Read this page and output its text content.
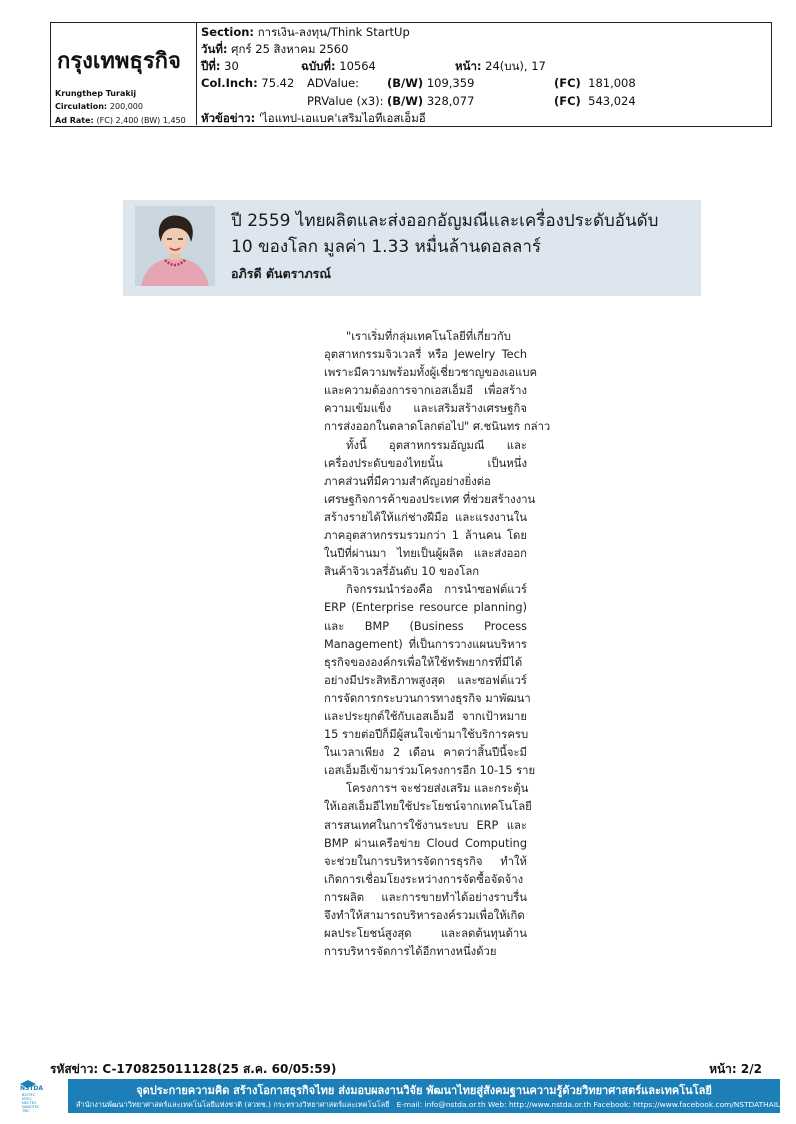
กรุงเทพธุรกิจ
Krungthep Turakij
Circulation: 200,000
Ad Rate: (FC) 2,400 (BW) 1,450
Section: การเงิน-ลงทุน/Think StartUp
วันที่: ศุกร์ 25 สิงหาคม 2560
ปีที่: 30	ฉบับที่: 10564	หน้า: 24(บน), 17
Col.Inch: 75.42 ADValue: (B/W) 109,359	(FC) 181,008
PRValue (x3): (B/W) 328,077	(FC) 543,024
หัวข้อข่าว: 'ไอแทป-เอแบค'เสริมไอทีเอสเอ็มอี
ปี 2559 ไทยผลิตและส่งออกอัญมณีและเครื่องประดับอันดับ
10 ของโลก มูลค่า 1.33 หมื่นล้านดอลลาร์
อภิรดี ตันตราภรณ์
"เราเริ่มที่กลุ่มเทคโนโลยีที่เกี่ยวกับ
อุตสาหกรรมจิวเวลรี่ หรือ Jewelry Tech
เพราะมีความพร้อมทั้งผู้เชี่ยวชาญของเอแบค
และความต้องการจากเอสเอ็มอี เพื่อสร้าง
ความเข้มแข็ง และเสริมสร้างเศรษฐกิจ
การส่งออกในตลาดโลกต่อไป" ศ.ชนินทร กล่าว
ทั้งนี้ อุตสาหกรรมอัญมณี และ
เครื่องประดับของไทยนั้น เป็นหนึ่ง
ภาคส่วนที่มีความสำคัญอย่างยิ่งต่อ
เศรษฐกิจการค้าของประเทศ ที่ช่วยสร้างงาน
สร้างรายได้ให้แก่ช่างฝีมือ และแรงงานใน
ภาคอุตสาหกรรมรวมกว่า 1 ล้านคน โดย
ในปีที่ผ่านมา ไทยเป็นผู้ผลิต และส่งออก
สินค้าจิวเวลรี่อันดับ 10 ของโลก
กิจกรรมนำร่องคือ การนำซอฟต์แวร์
ERP (Enterprise resource planning)
และ BMP (Business Process
Management) ที่เป็นการวางแผนบริหาร
ธุรกิจขององค์กรเพื่อให้ใช้ทรัพยากรที่มีได้
อย่างมีประสิทธิภาพสูงสุด และซอฟต์แวร์
การจัดการกระบวนการทางธุรกิจ มาพัฒนา
และประยุกต์ใช้กับเอสเอ็มอี จากเป้าหมาย
15 รายต่อปีก็มีผู้สนใจเข้ามาใช้บริการครบ
ในเวลาเพียง 2 เดือน คาดว่าสิ้นปีนี้จะมี
เอสเอ็มอีเข้ามาร่วมโครงการอีก 10-15 ราย
โครงการฯ จะช่วยส่งเสริม และกระตุ้น
ให้เอสเอ็มอีไทยใช้ประโยชน์จากเทคโนโลยี
สารสนเทศในการใช้งานระบบ ERP และ
BMP ผ่านเครือข่าย Cloud Computing
จะช่วยในการบริหารจัดการธุรกิจ ทำให้
เกิดการเชื่อมโยงระหว่างการจัดซื้อจัดจ้าง
การผลิต และการขายทำได้อย่างราบรื่น
จึงทำให้สามารถบริหารองค์รวมเพื่อให้เกิด
ผลประโยชน์สูงสุด และลดต้นทุนด้าน
การบริหารจัดการได้อีกทางหนึ่งด้วย
รหัสข่าว: C-170825011128(25 ส.ค. 60/05:59)	หน้า: 2/2
NSTDA
BIOTEC
MTEC
NECTEC
NANOTEC
TMC
จุดประกายความคิด สร้างโอกาสธุรกิจไทย ส่งมอบผลงานวิจัย พัฒนาไทยสู่สังคมฐานความรู้ด้วยวิทยาศาสตร์และเทคโนโลยี
สำนักงานพัฒนาวิทยาศาสตร์และเทคโนโลยีแห่งชาติ (สวทช.) กระทรวงวิทยาศาสตร์และเทคโนโลยี E-mail: info@nstda.or.th Web: http://www.nstda.or.th Facebook: https://www.facebook.com/NSTDATHAILAND
